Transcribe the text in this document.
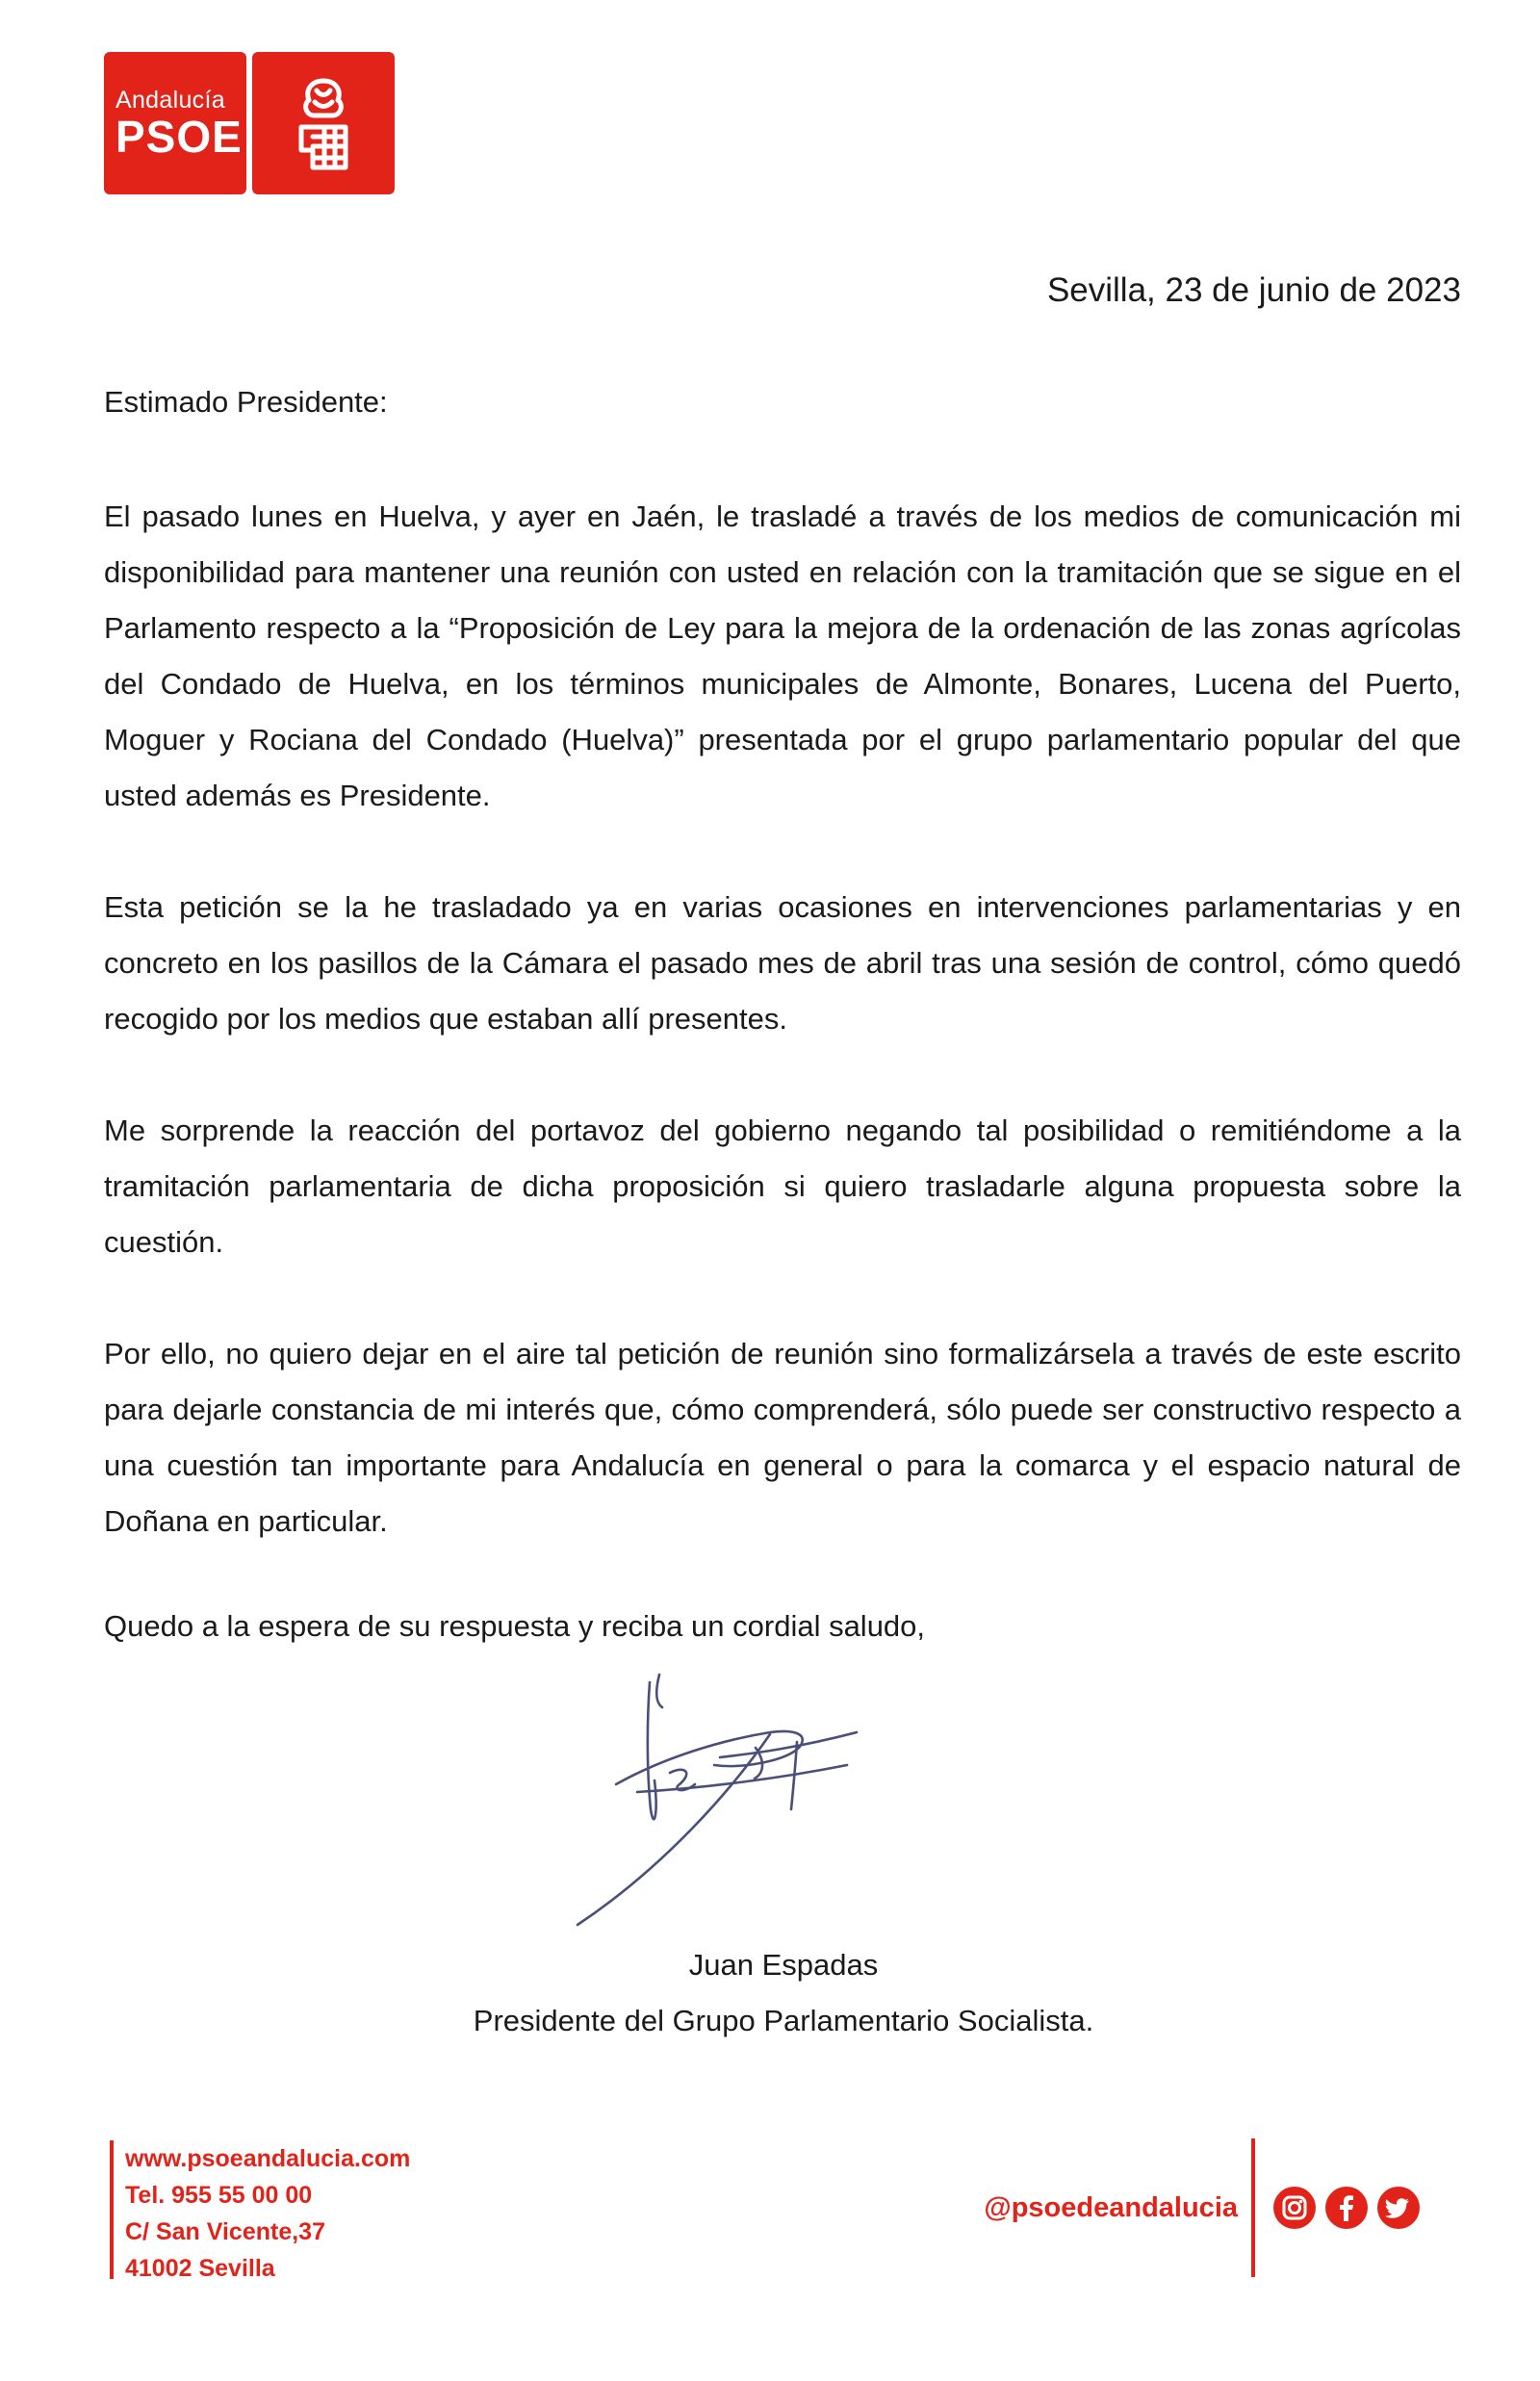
Andalucía
PSOE
Sevilla, 23 de junio de 2023
Estimado Presidente:

El pasado lunes en Huelva, y ayer en Jaén, le trasladé a través de los medios de comunicación mi disponibilidad para mantener una reunión con usted en relación con la tramitación que se sigue en el Parlamento respecto a la “Proposición de Ley para la mejora de la ordenación de las zonas agrícolas del Condado de Huelva, en los términos municipales de Almonte, Bonares, Lucena del Puerto, Moguer y Rociana del Condado (Huelva)” presentada por el grupo parlamentario popular del que usted además es Presidente.

Esta petición se la he trasladado ya en varias ocasiones en intervenciones parlamentarias y en concreto en los pasillos de la Cámara el pasado mes de abril tras una sesión de control, cómo quedó recogido por los medios que estaban allí presentes.

Me sorprende la reacción del portavoz del gobierno negando tal posibilidad o remitiéndome a la tramitación parlamentaria de dicha proposición si quiero trasladarle alguna propuesta sobre la cuestión.

Por ello, no quiero dejar en el aire tal petición de reunión sino formalizársela a través de este escrito para dejarle constancia de mi interés que, cómo comprenderá, sólo puede ser constructivo respecto a una cuestión tan importante para Andalucía en general o para la comarca y el espacio natural de Doñana en particular.

Quedo a la espera de su respuesta y reciba un cordial saludo,
Juan Espadas
Presidente del Grupo Parlamentario Socialista.
www.psoeandalucia.com
Tel. 955 55 00 00
C/ San Vicente,37
41002 Sevilla
@psoedeandalucia
